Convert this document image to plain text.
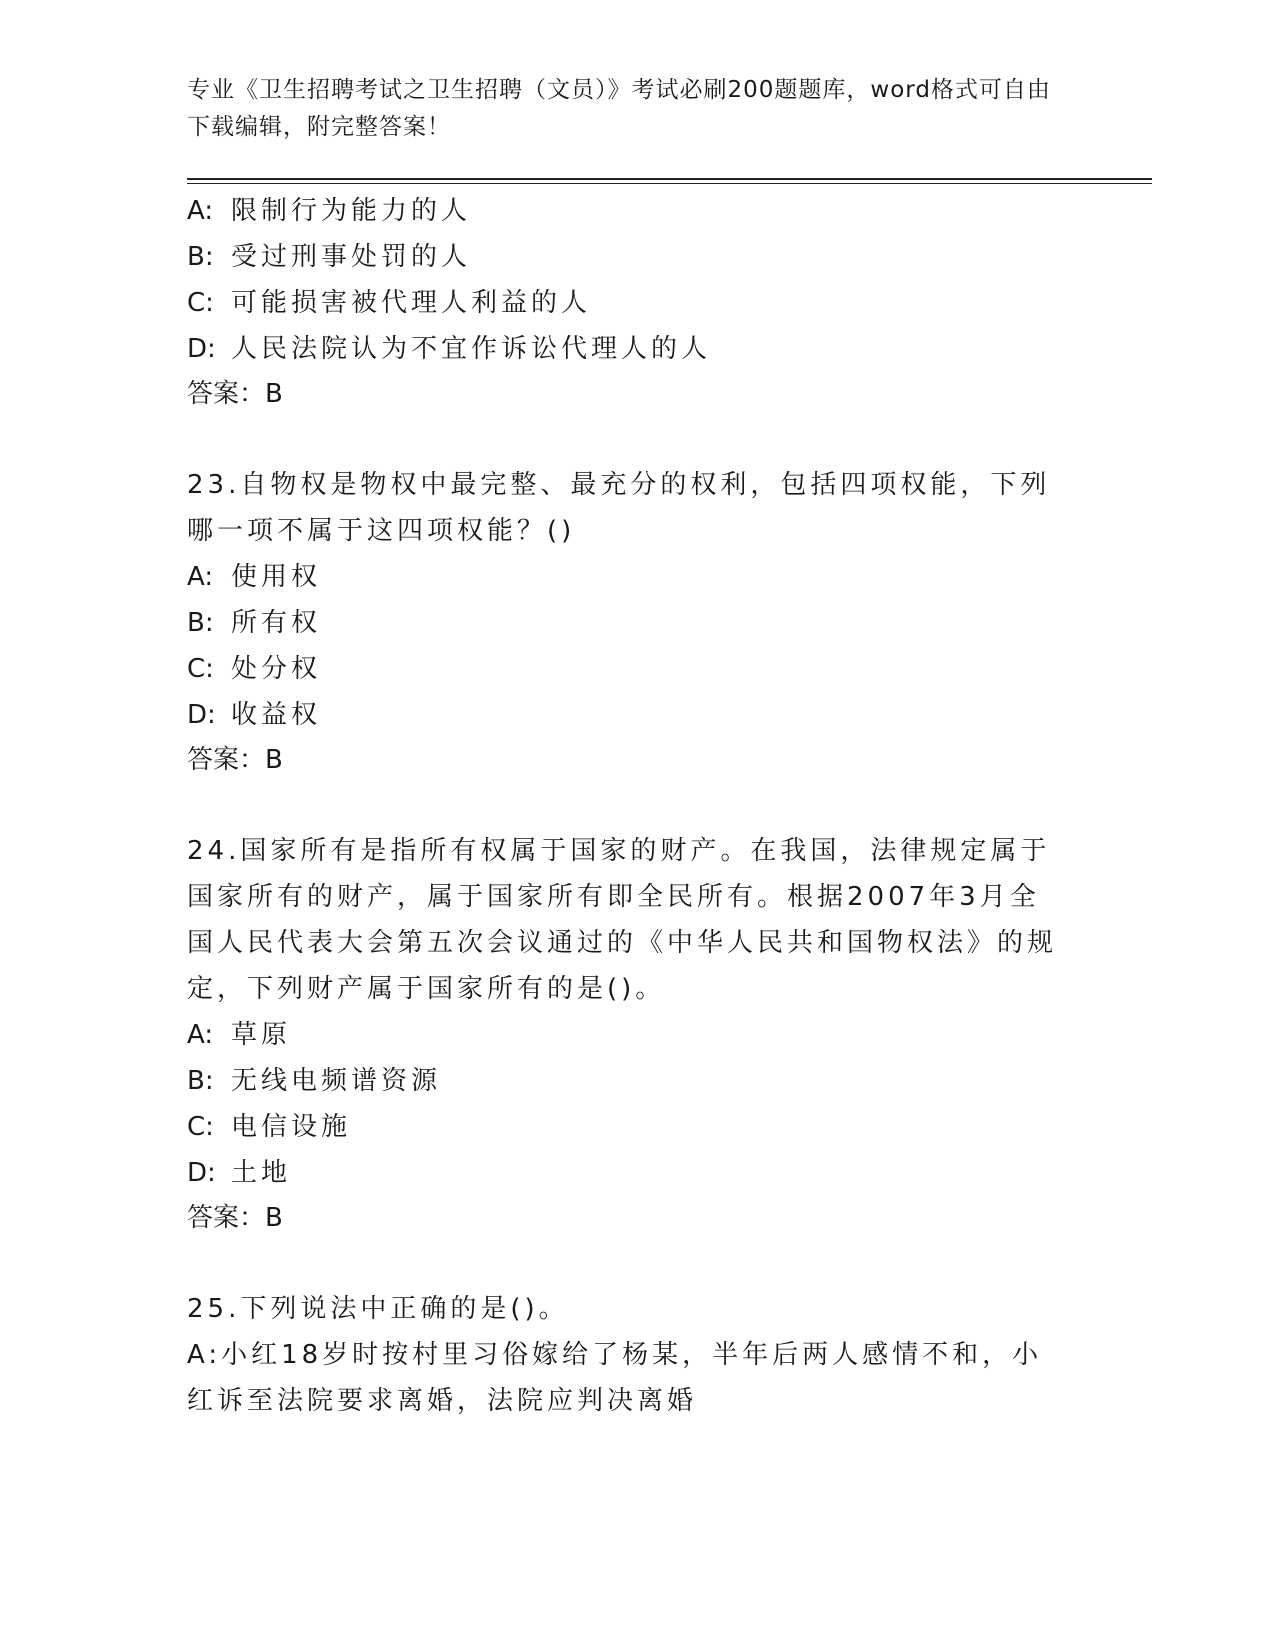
专业《卫生招聘考试之卫生招聘（文员）》考试必刷200题题库，word格式可自由下载编辑，附完整答案！
A: 限制行为能力的人
B: 受过刑事处罚的人
C: 可能损害被代理人利益的人
D: 人民法院认为不宜作诉讼代理人的人
答案：B
23.自物权是物权中最完整、最充分的权利，包括四项权能，下列哪一项不属于这四项权能？()
A: 使用权
B: 所有权
C: 处分权
D: 收益权
答案：B
24.国家所有是指所有权属于国家的财产。在我国，法律规定属于国家所有的财产，属于国家所有即全民所有。根据2007年3月全国人民代表大会第五次会议通过的《中华人民共和国物权法》的规定，下列财产属于国家所有的是()。
A: 草原
B: 无线电频谱资源
C: 电信设施
D: 土地
答案：B
25.下列说法中正确的是()。
A:小红18岁时按村里习俗嫁给了杨某，半年后两人感情不和，小红诉至法院要求离婚，法院应判决离婚
